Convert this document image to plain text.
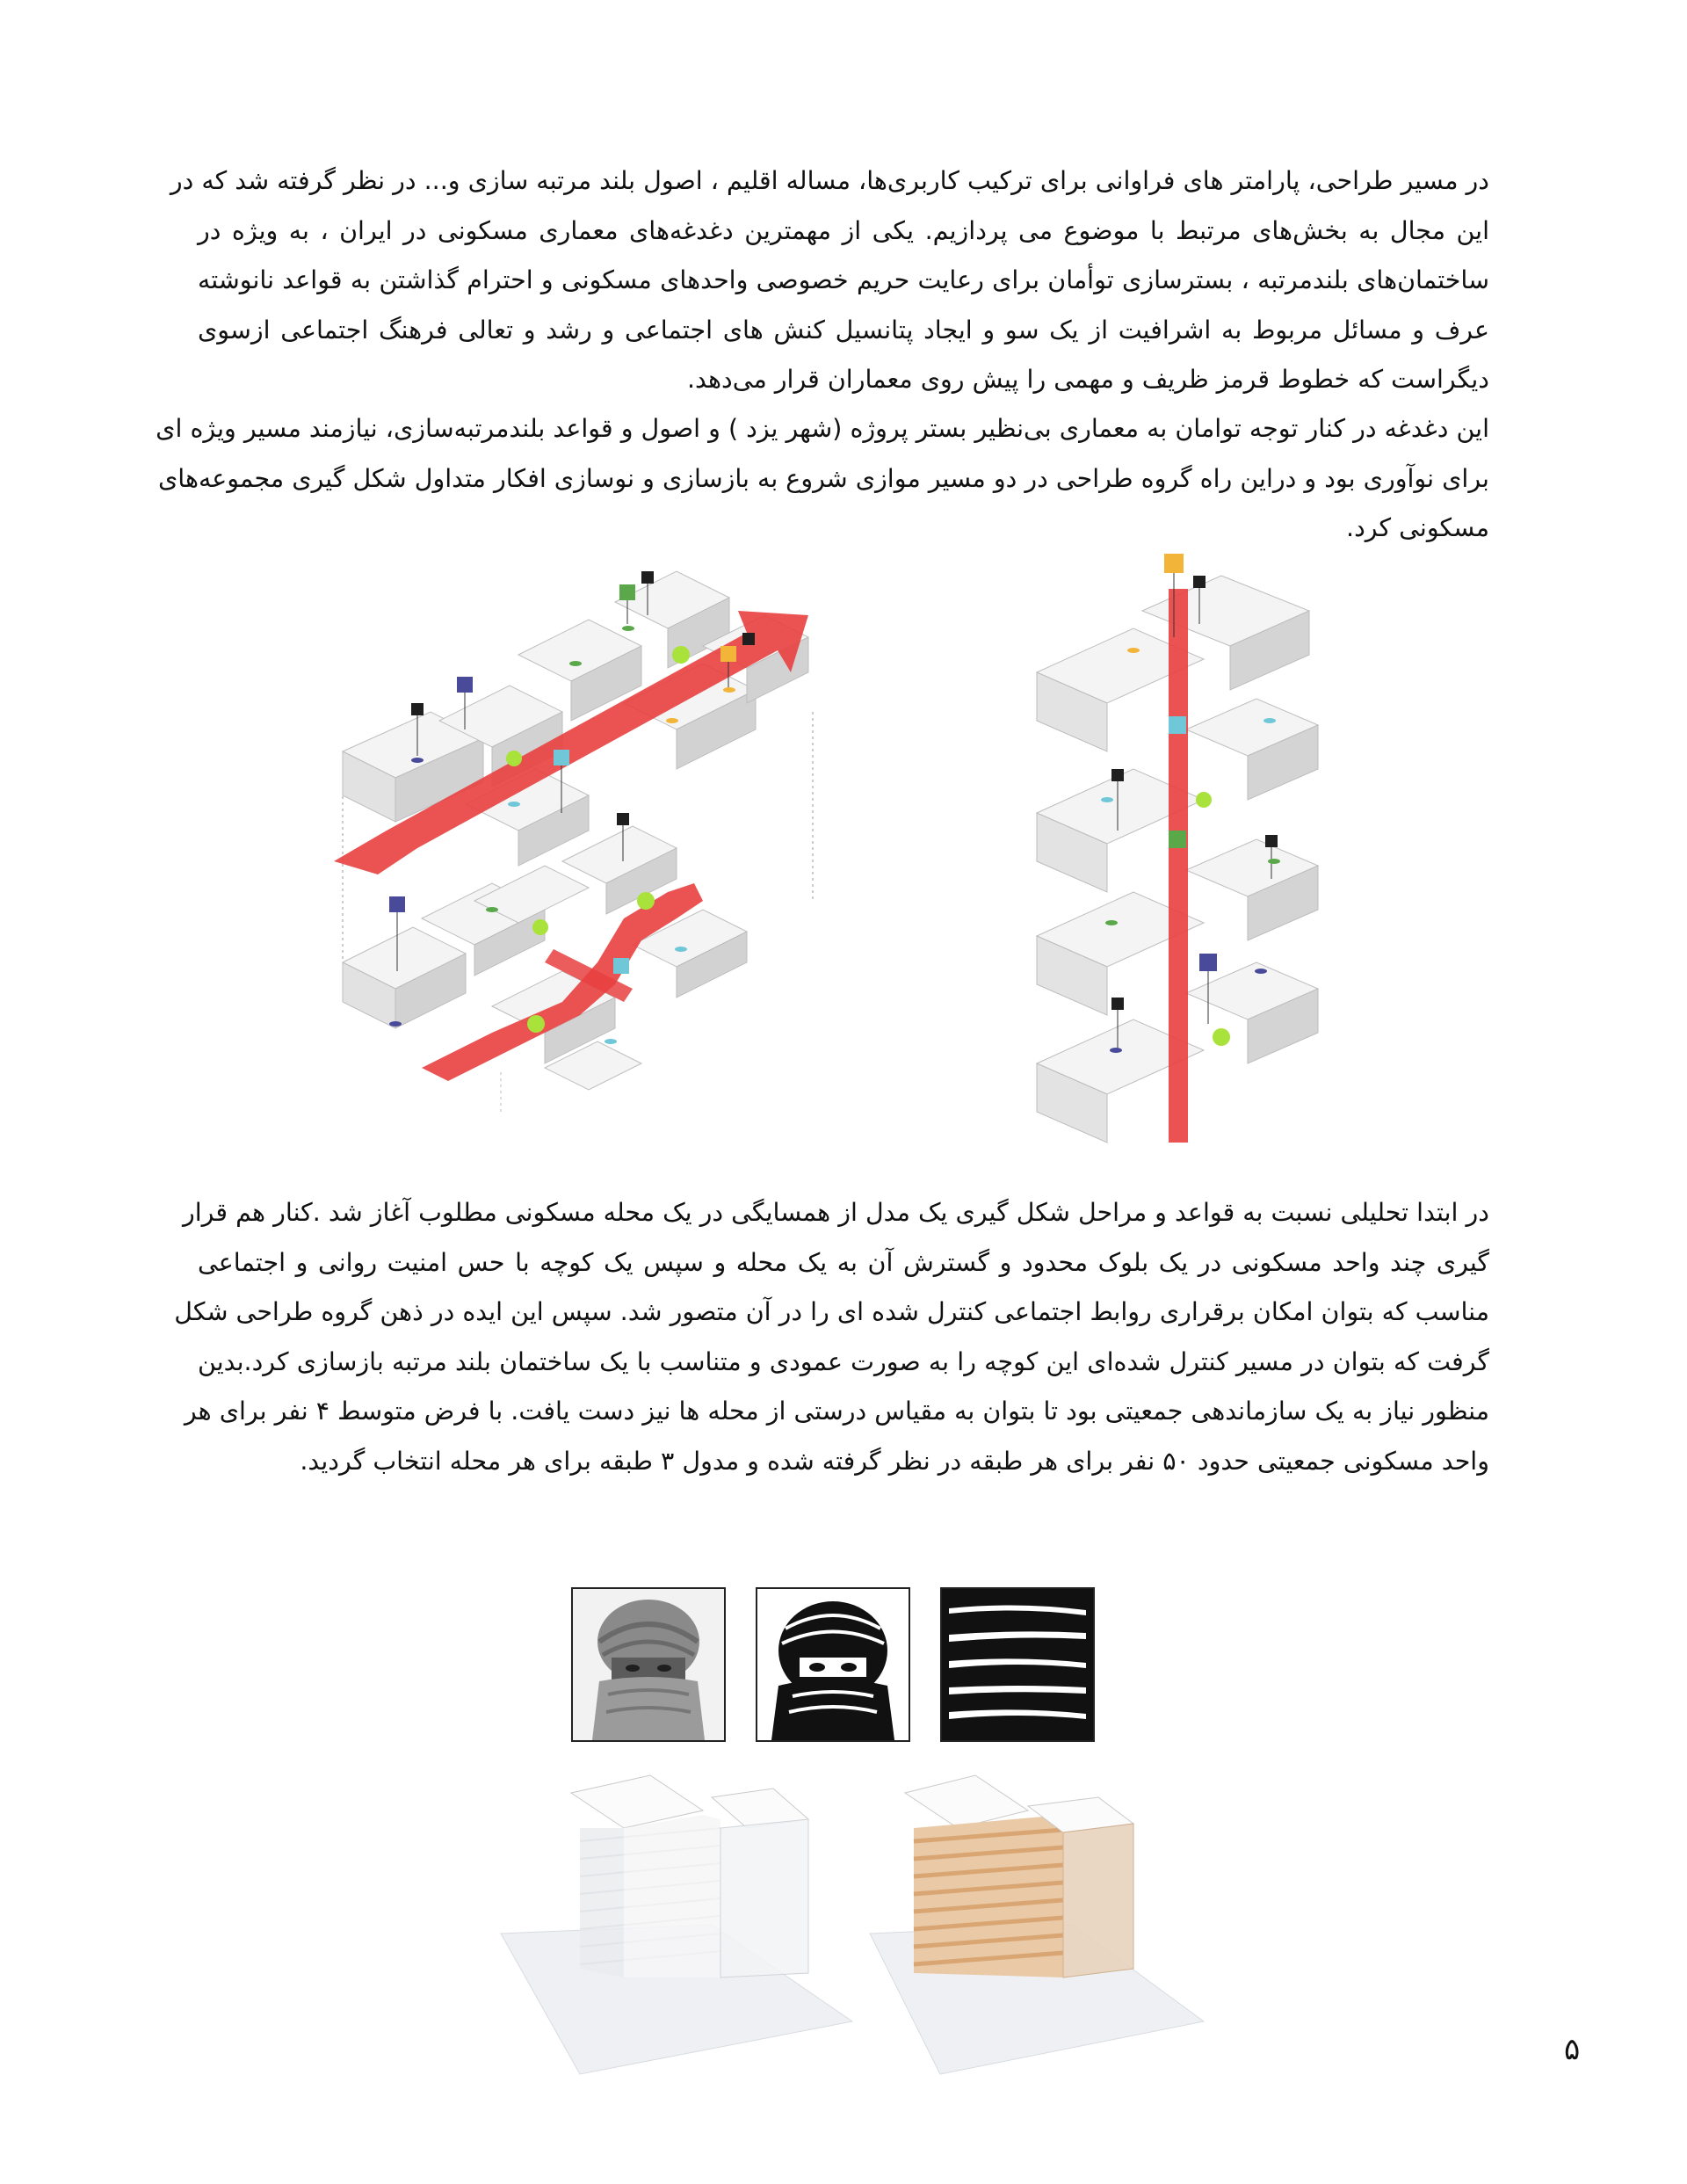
در مسیر طراحی، پارامتر های فراوانی برای ترکیب کاربری‌ها، مساله اقلیم ، اصول بلند مرتبه سازی و... در نظر گرفته شد که در
این مجال به بخش‌های مرتبط با موضوع می پردازیم. یکی از مهمترین دغدغه‌های معماری مسکونی در ایران ، به ویژه در
ساختمان‌های بلندمرتبه ، بسترسازی توأمان برای رعایت حریم خصوصی واحدهای مسکونی و احترام گذاشتن به قواعد نانوشته
عرف و مسائل مربوط به اشرافیت از یک سو و ایجاد پتانسیل کنش های اجتماعی و رشد و تعالی فرهنگ اجتماعی ازسوی
دیگراست که خطوط قرمز ظریف و مهمی را پیش روی معماران قرار می‌دهد.
این دغدغه در کنار توجه توامان به معماری بی‌نظیر بستر پروژه (شهر یزد ) و اصول و قواعد بلندمرتبه‌سازی، نیازمند مسیر ویژه ای
برای نوآوری بود و دراین راه گروه طراحی در دو مسیر موازی شروع به بازسازی و نوسازی افکار متداول شکل گیری مجموعه‌های
مسکونی کرد.
در ابتدا تحلیلی نسبت به قواعد و مراحل شکل گیری یک مدل از همسایگی در یک محله مسکونی مطلوب آغاز شد .کنار هم قرار
گیری چند واحد مسکونی در یک بلوک محدود و گسترش آن به یک محله و سپس یک کوچه با حس امنیت روانی و اجتماعی
مناسب که بتوان امکان برقراری روابط اجتماعی کنترل شده ای را در آن متصور شد. سپس این ایده در ذهن گروه طراحی شکل
گرفت که بتوان در مسیر کنترل شده‌ای این کوچه را به صورت عمودی و متناسب با یک ساختمان بلند مرتبه بازسازی کرد.بدین
منظور نیاز به یک سازماندهی جمعیتی بود تا بتوان به مقیاس درستی از محله ها نیز دست یافت. با فرض متوسط ۴ نفر برای هر
واحد مسکونی جمعیتی حدود ۵۰ نفر برای هر طبقه در نظر گرفته شده و مدول ۳ طبقه برای هر محله انتخاب گردید.
۵
